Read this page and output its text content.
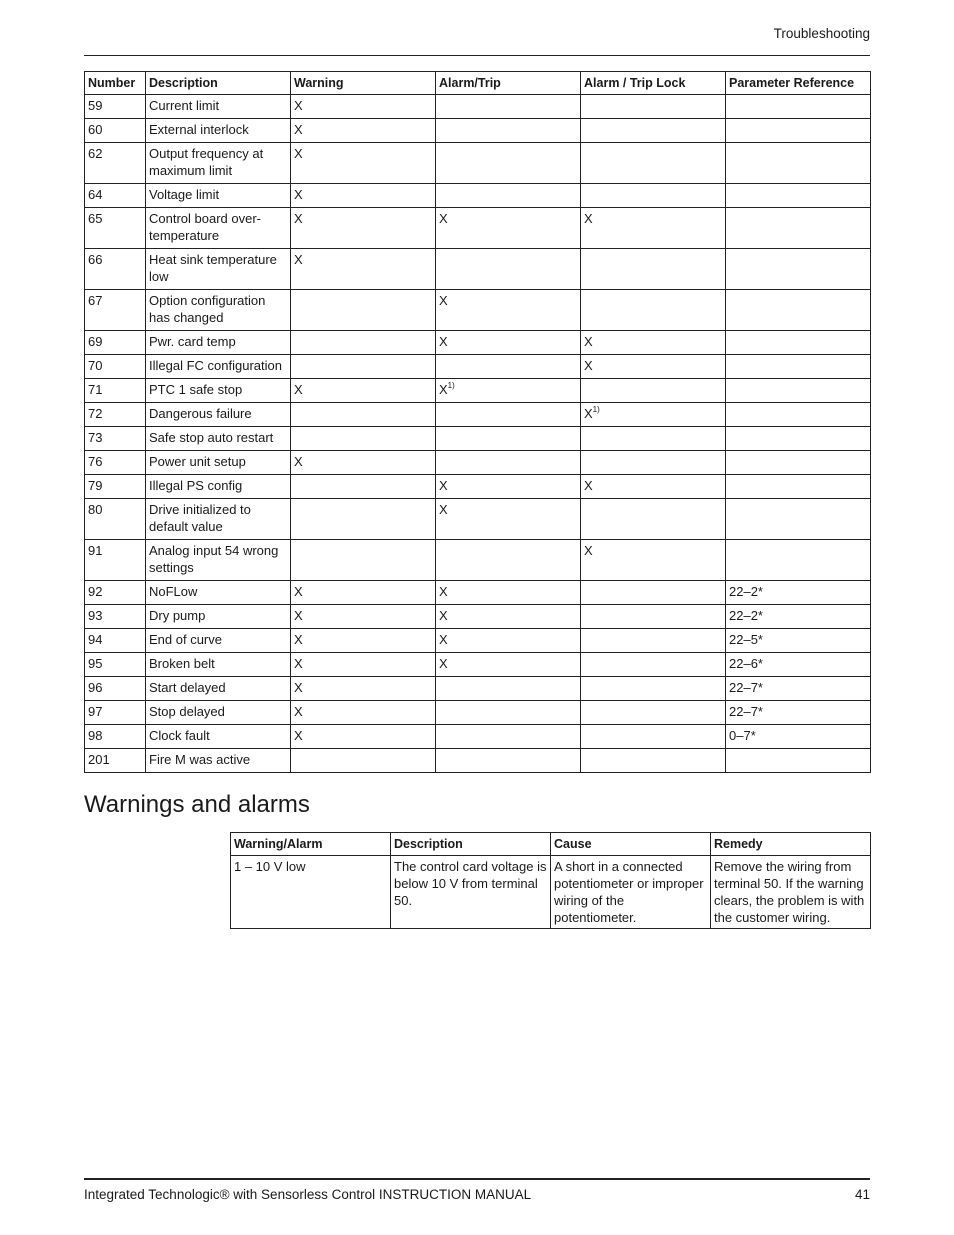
Troubleshooting
Number	Description	Warning	Alarm/Trip	Alarm / Trip Lock	Parameter Reference
59	Current limit	X			
60	External interlock	X			
62	Output frequency at maximum limit	X			
64	Voltage limit	X			
65	Control board over-temperature	X	X	X	
66	Heat sink temperature low	X			
67	Option configuration has changed		X		
69	Pwr. card temp		X	X	
70	Illegal FC configuration			X	
71	PTC 1 safe stop	X	$X^{1)}$		
72	Dangerous failure			$X^{1)}$	
73	Safe stop auto restart				
76	Power unit setup	X			
79	Illegal PS config		X	X	
80	Drive initialized to default value		X		
91	Analog input 54 wrong settings			X	
92	NoFLow	X	X		22–2*
93	Dry pump	X	X		22–2*
94	End of curve	X	X		22–5*
95	Broken belt	X	X		22–6*
96	Start delayed	X			22–7*
97	Stop delayed	X			22–7*
98	Clock fault	X			0–7*
201	Fire M was active				
Warnings and alarms
Warning/Alarm	Description	Cause	Remedy
1 – 10 V low	The control card voltage is below 10 V from terminal 50.	A short in a connected potentiometer or improper wiring of the potentiometer.	Remove the wiring from terminal 50. If the warning clears, the problem is with the customer wiring.
Integrated Technologic® with Sensorless Control INSTRUCTION MANUAL	41
